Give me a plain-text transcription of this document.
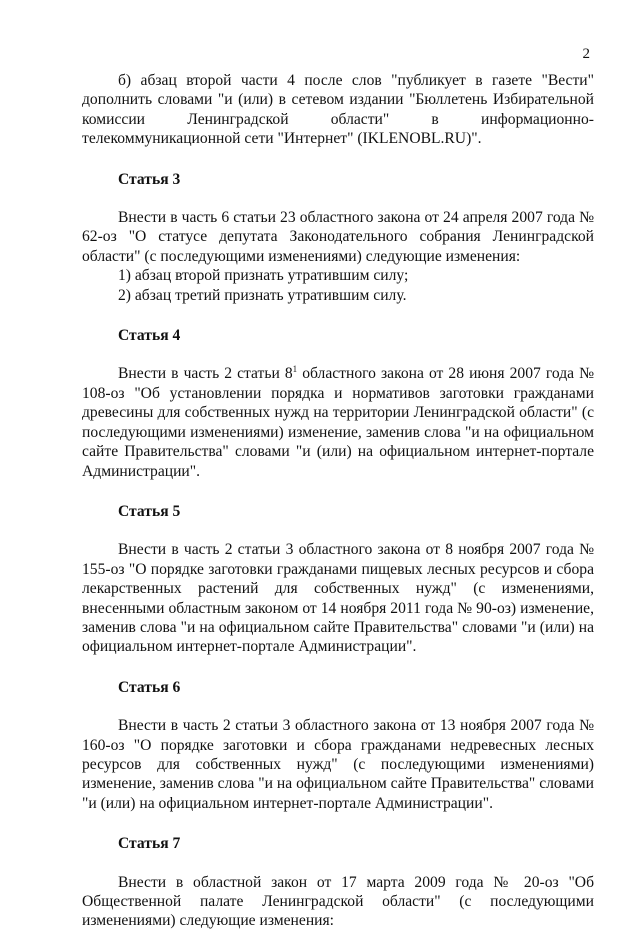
2

б) абзац второй части 4 после слов "публикует в газете "Вести" дополнить словами "и (или) в сетевом издании "Бюллетень Избирательной комиссии Ленинградской области" в информационно-телекоммуникационной сети "Интернет" (IKLENOBL.RU)".

Статья 3

Внести в часть 6 статьи 23 областного закона от 24 апреля 2007 года № 62-оз "О статусе депутата Законодательного собрания Ленинградской области" (с последующими изменениями) следующие изменения:

1) абзац второй признать утратившим силу;
2) абзац третий признать утратившим силу.
Статья 4

Внести в часть 2 статьи $8^1$ областного закона от 28 июня 2007 года № 108-оз "Об установлении порядка и нормативов заготовки гражданами древесины для собственных нужд на территории Ленинградской области" (с последующими изменениями) изменение, заменив слова "и на официальном сайте Правительства" словами "и (или) на официальном интернет-портале Администрации".

Статья 5

Внести в часть 2 статьи 3 областного закона от 8 ноября 2007 года № 155-оз "О порядке заготовки гражданами пищевых лесных ресурсов и сбора лекарственных растений для собственных нужд" (с изменениями, внесенными областным законом от 14 ноября 2011 года № 90-оз) изменение, заменив слова "и на официальном сайте Правительства" словами "и (или) на официальном интернет-портале Администрации".

Статья 6

Внести в часть 2 статьи 3 областного закона от 13 ноября 2007 года № 160-оз "О порядке заготовки и сбора гражданами недревесных лесных ресурсов для собственных нужд" (с последующими изменениями) изменение, заменив слова "и на официальном сайте Правительства" словами "и (или) на официальном интернет-портале Администрации".

Статья 7

Внести в областной закон от 17 марта 2009 года № 20-оз "Об Общественной палате Ленинградской области" (с последующими изменениями) следующие изменения:
